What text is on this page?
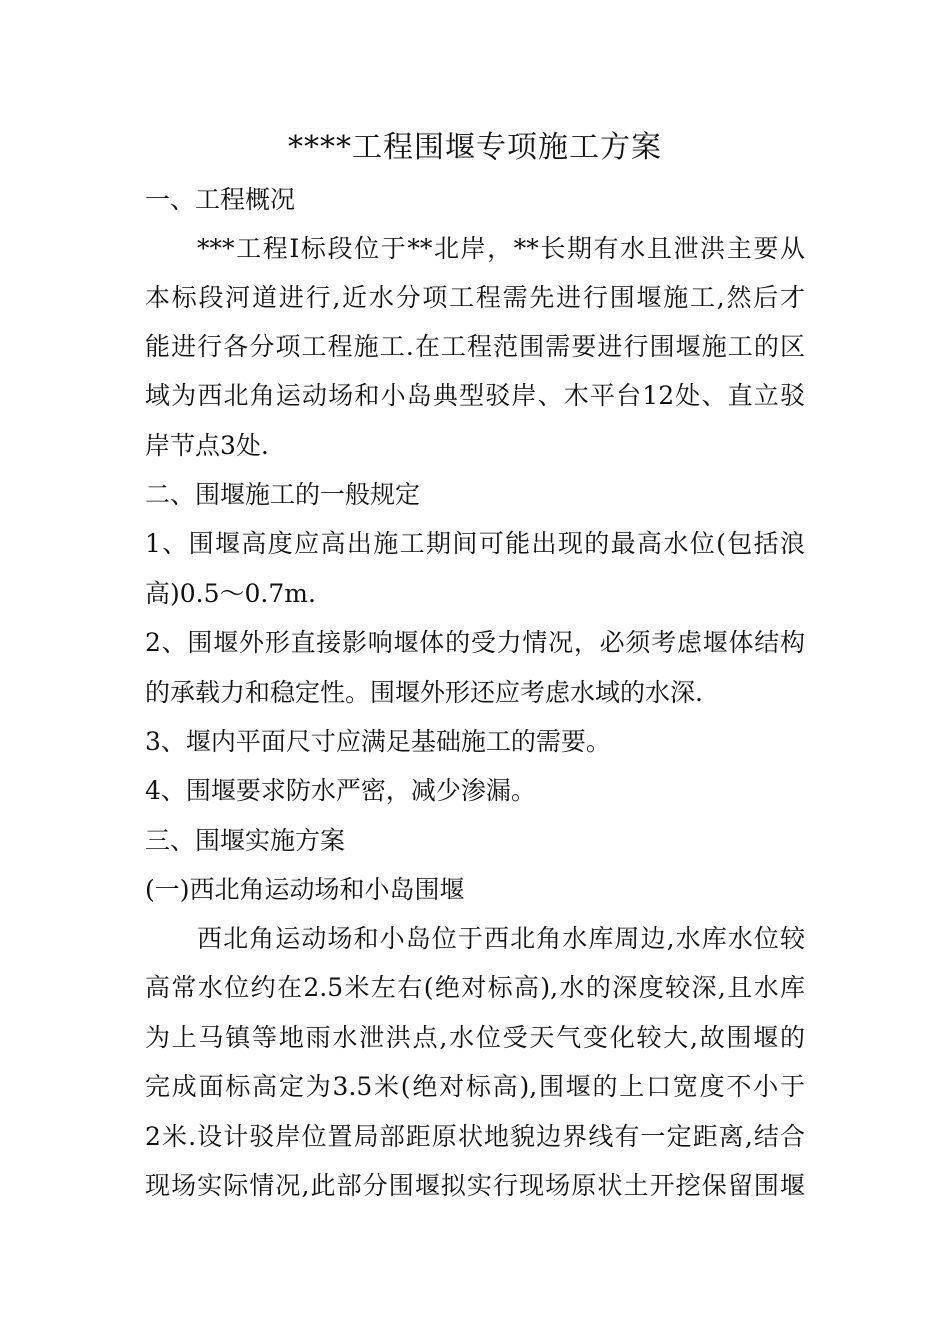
****工程围堰专项施工方案
一、工程概况
***工程Ⅰ标段位于**北岸，**长期有水且泄洪主要从
本标段河道进行,近水分项工程需先进行围堰施工,然后才
能进行各分项工程施工.在工程范围需要进行围堰施工的区
域为西北角运动场和小岛典型驳岸、木平台12处、直立驳
岸节点3处.
二、围堰施工的一般规定
1、围堰高度应高出施工期间可能出现的最高水位(包括浪
高)0.5～0.7m.
2、围堰外形直接影响堰体的受力情况，必须考虑堰体结构
的承载力和稳定性。围堰外形还应考虑水域的水深.
3、堰内平面尺寸应满足基础施工的需要。
4、围堰要求防水严密，减少渗漏。
三、围堰实施方案
(一)西北角运动场和小岛围堰
西北角运动场和小岛位于西北角水库周边,水库水位较
高常水位约在2.5米左右(绝对标高),水的深度较深,且水库
为上马镇等地雨水泄洪点,水位受天气变化较大,故围堰的
完成面标高定为3.5米(绝对标高),围堰的上口宽度不小于
2米.设计驳岸位置局部距原状地貌边界线有一定距离,结合
现场实际情况,此部分围堰拟实行现场原状土开挖保留围堰
